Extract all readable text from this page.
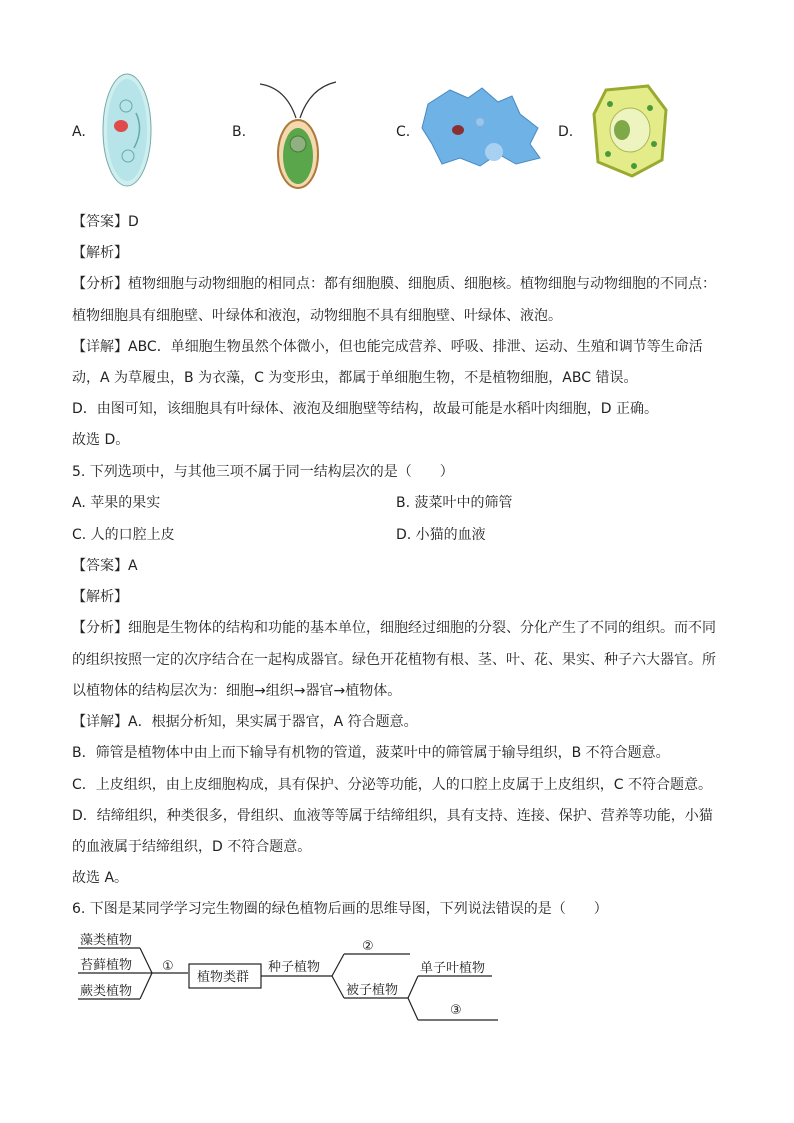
A.	B.	C.	D.
【答案】D
【解析】
【分析】植物细胞与动物细胞的相同点：都有细胞膜、细胞质、细胞核。植物细胞与动物细胞的不同点：
植物细胞具有细胞壁、叶绿体和液泡，动物细胞不具有细胞壁、叶绿体、液泡。
【详解】ABC．单细胞生物虽然个体微小，但也能完成营养、呼吸、排泄、运动、生殖和调节等生命活
动，A 为草履虫，B 为衣藻，C 为变形虫，都属于单细胞生物，不是植物细胞，ABC 错误。
D．由图可知，该细胞具有叶绿体、液泡及细胞壁等结构，故最可能是水稻叶肉细胞，D 正确。
故选 D。
5. 下列选项中，与其他三项不属于同一结构层次的是（　　）
A. 苹果的果实	B. 菠菜叶中的筛管
C. 人的口腔上皮	D. 小猫的血液
【答案】A
【解析】
【分析】细胞是生物体的结构和功能的基本单位，细胞经过细胞的分裂、分化产生了不同的组织。而不同
的组织按照一定的次序结合在一起构成器官。绿色开花植物有根、茎、叶、花、果实、种子六大器官。所
以植物体的结构层次为：细胞→组织→器官→植物体。
【详解】A．根据分析知，果实属于器官，A 符合题意。
B．筛管是植物体中由上而下输导有机物的管道，菠菜叶中的筛管属于输导组织，B 不符合题意。
C．上皮组织，由上皮细胞构成，具有保护、分泌等功能，人的口腔上皮属于上皮组织，C 不符合题意。
D．结缔组织，种类很多，骨组织、血液等等属于结缔组织，具有支持、连接、保护、营养等功能，小猫
的血液属于结缔组织，D 不符合题意。
故选 A。
6. 下图是某同学学习完生物圈的绿色植物后画的思维导图，下列说法错误的是（　　）
藻类植物
苔藓植物
蕨类植物
①
植物类群
种子植物
②
被子植物
单子叶植物
③
